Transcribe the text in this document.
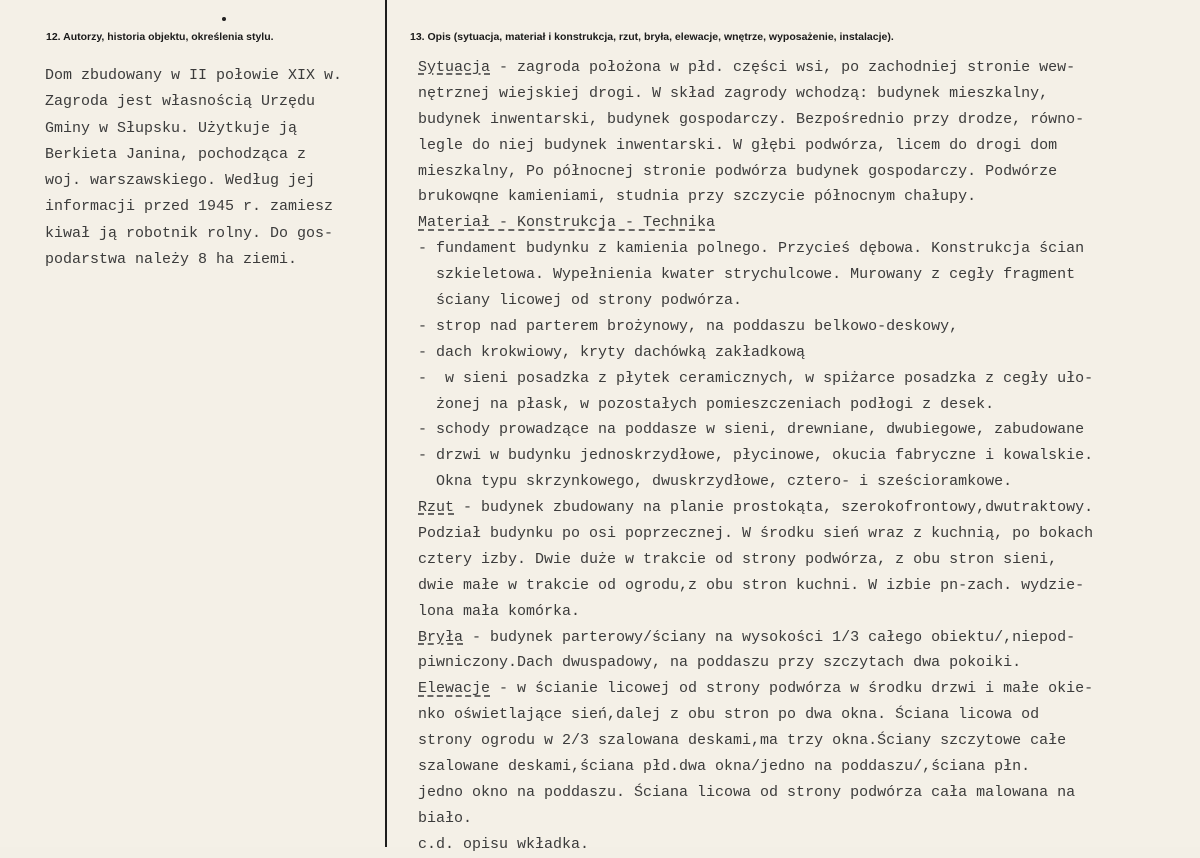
12. Autorzy, historia objektu, określenia stylu.	13. Opis (sytuacja, materiał i konstrukcja, rzut, bryła, elewacje, wnętrze, wyposażenie, instalacje).
Dom zbudowany w II połowie XIX w.
Zagroda jest własnością Urzędu
Gminy w Słupsku. Użytkuje ją
Berkieta Janina, pochodząca z
woj. warszawskiego. Według jej
informacji przed 1945 r. zamiesz
kiwał ją robotnik rolny. Do gos-
podarstwa należy 8 ha ziemi.
Sytuacja - zagroda położona w płd. części wsi, po zachodniej stronie wew-
nętrznej wiejskiej drogi. W skład zagrody wchodzą: budynek mieszkalny,
budynek inwentarski, budynek gospodarczy. Bezpośrednio przy drodze, równo-
legle do niej budynek inwentarski. W głębi podwórza, licem do drogi dom
mieszkalny, Po północnej stronie podwórza budynek gospodarczy. Podwórze
brukowqne kamieniami, studnia przy szczycie północnym chałupy.
Materiał - Konstrukcja - Technika
- fundament budynku z kamienia polnego. Przycieś dębowa. Konstrukcja ścian
szkieletowa. Wypełnienia kwater strychulcowe. Murowany z cegły fragment
ściany licowej od strony podwórza.
- strop nad parterem brożynowy, na poddaszu belkowo-deskowy,
- dach krokwiowy, kryty dachówką zakładkową
-  w sieni posadzka z płytek ceramicznych, w spiżarce posadzka z cegły uło-
żonej na płask, w pozostałych pomieszczeniach podłogi z desek.
- schody prowadzące na poddasze w sieni, drewniane, dwubiegowe, zabudowane
- drzwi w budynku jednoskrzydłowe, płycinowe, okucia fabryczne i kowalskie.
Okna typu skrzynkowego, dwuskrzydłowe, cztero- i sześcioramkowe.
Rzut - budynek zbudowany na planie prostokąta, szerokofrontowy,dwutraktowy.
Podział budynku po osi poprzecznej. W środku sień wraz z kuchnią, po bokach
cztery izby. Dwie duże w trakcie od strony podwórza, z obu stron sieni,
dwie małe w trakcie od ogrodu,z obu stron kuchni. W izbie pn-zach. wydzie-
lona mała komórka.
Bryła - budynek parterowy/ściany na wysokości 1/3 całego obiektu/,niepod-
piwniczony.Dach dwuspadowy, na poddaszu przy szczytach dwa pokoiki.
Elewacje - w ścianie licowej od strony podwórza w środku drzwi i małe okie-
nko oświetlające sień,dalej z obu stron po dwa okna. Ściana licowa od
strony ogrodu w 2/3 szalowana deskami,ma trzy okna.Ściany szczytowe całe
szalowane deskami,ściana płd.dwa okna/jedno na poddaszu/,ściana płn.
jedno okno na poddaszu. Ściana licowa od strony podwórza cała malowana na
biało.
c.d. opisu wkładka.
